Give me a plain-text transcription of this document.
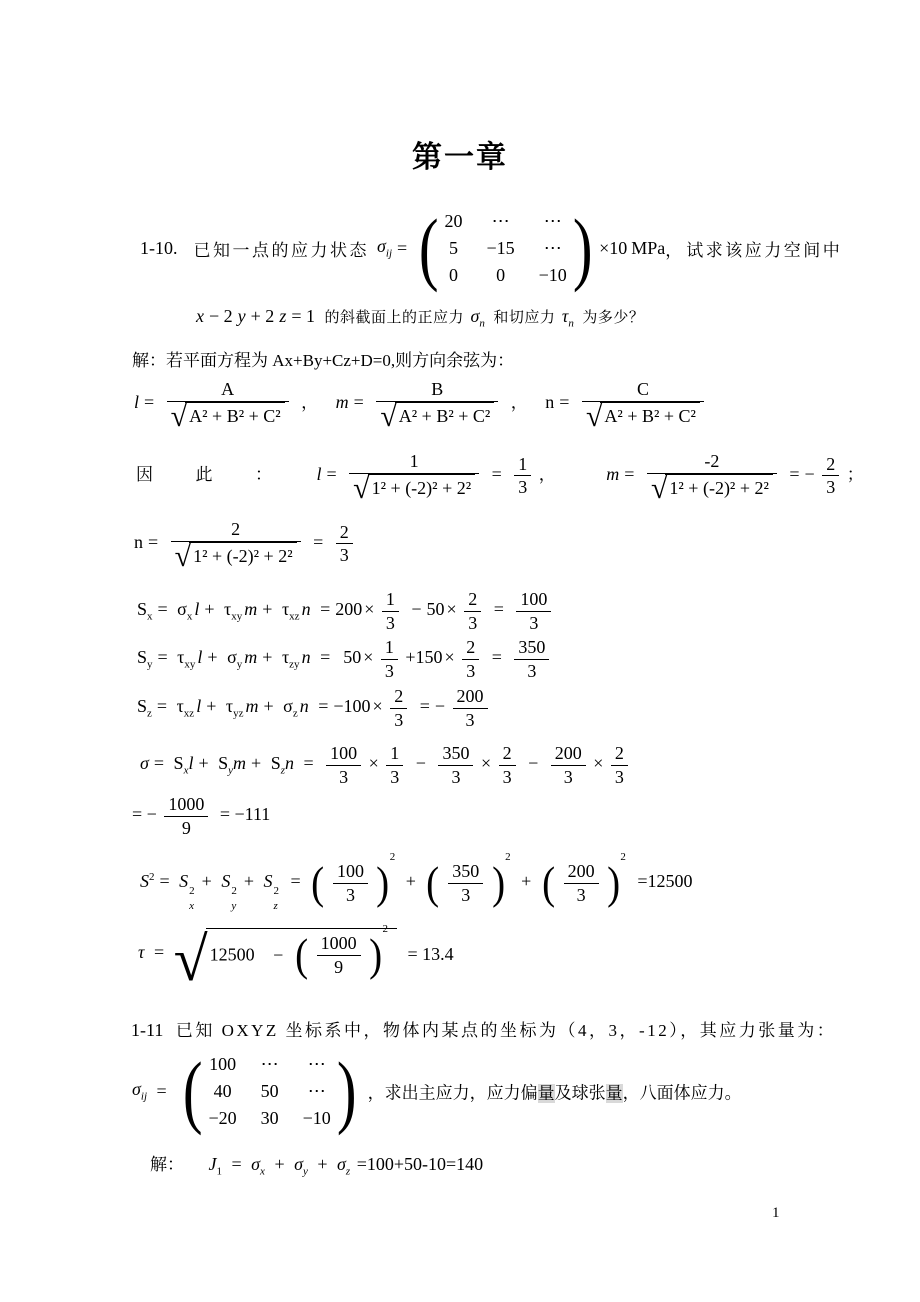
第一章
1-10. 已知一点的应力状态 $\sigma_{ij}$ = ( 20 ⋯ ⋯
5 −15 ⋯
0 0 −10 ) ×10 MPa ， 试求该应力空间中
x − 2 y + 2 z = 1 的斜截面上的正应力 $\sigma_n$ 和切应力 $\tau_n$ 为多少？
解：若平面方程为 Ax+By+Cz+D=0,则方向余弦为：
$l = \frac{A}{\text{√ A² + B² + C²}}$ ， $m = \frac{B}{\text{√ A² + B² + C²}}$ ， $n = \frac{C}{\text{√ A² + B² + C²}}$
因	此	： $l = \frac{1}{\text{√ 1² + (-2)² + 2²}} = \frac{1}{3}$ ，	$m = \frac{-2}{\text{√ 1² + (-2)² + 2²}}$ = − $\frac{2}{3}$ ；
$n = \frac{2}{\text{√ 1² + (-2)² + 2²}} = \frac{2}{3}$
$S_x = \sigma_x$ $l + \tau_{xy}$ $m + \tau_{xz}$ $n = 200 \times \frac{1}{3} - 50 \times \frac{2}{3} = \frac{100}{3}$
$S_y = \tau_{xy}$ $l + \sigma_y$ $m + \tau_{zy}$ $n = 50 \times \frac{1}{3} +150 \times \frac{2}{3} = \frac{350}{3}$
$S_z = \tau_{xz}$ $l + \tau_{yz}$ $m + \sigma_z$ $n = -100 \times \frac{2}{3}$ = − $\frac{200}{3}$
$\sigma = S_xl + S_ym + S_zn = \frac{100}{3} \times \frac{1}{3} - \frac{350}{3} \times \frac{2}{3} - \frac{200}{3} \times \frac{2}{3}$
= − $\frac{1000}{9} = -111$
$S^2 = S$ 2
x
+ S 2
y
+ S 2
z
= ( $\frac{100}{3} )^2$ + ( $\frac{350}{3} )^2$ + ( $\frac{200}{3} )^2 =12500$
τ = √ 12500 − ( $\frac{1000}{9} )^2$
= 13.4
1-11 已知 OXYZ 坐标系中，物体内某点的坐标为（4，3，-12），其应力张量为：
$\sigma_{ij}$ = ( 100 ⋯ ⋯
40 50 ⋯
−20 30 −10 ) ，求出主应力，应力偏量及球张量，八面体应力。
解： $J_1 = \sigma_x + \sigma_y + \sigma_z =100+50-10=140$
1
